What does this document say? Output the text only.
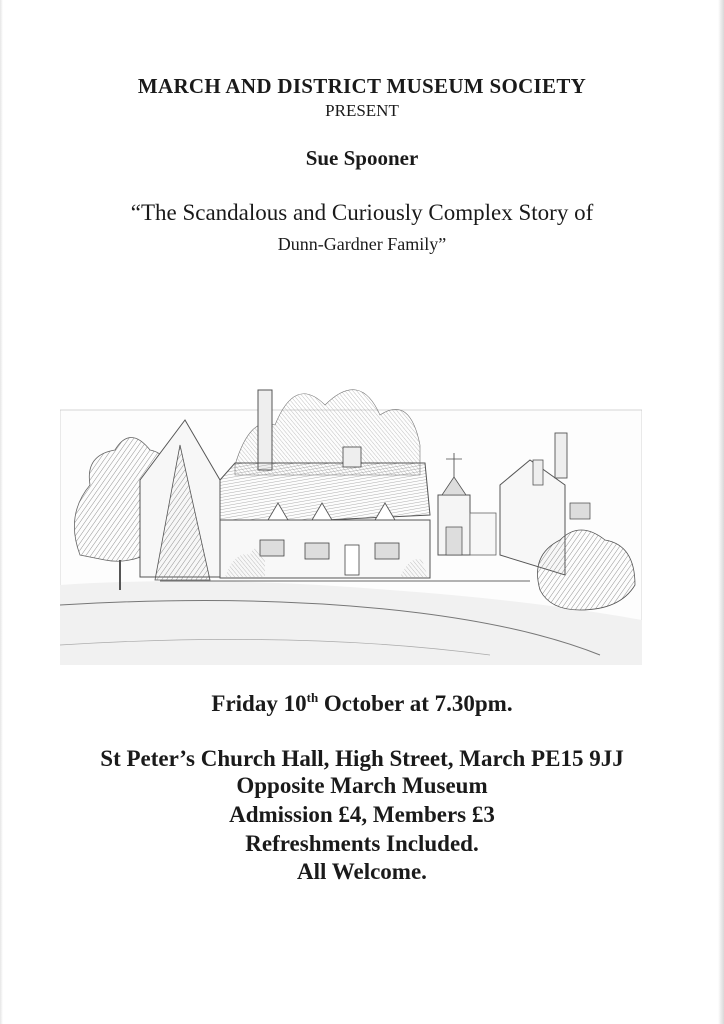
MARCH AND DISTRICT MUSEUM SOCIETY
PRESENT
Sue Spooner
“The Scandalous and Curiously Complex Story of
Dunn-Gardner Family”
Friday 10th October at 7.30pm.
St Peter’s Church Hall, High Street, March PE15 9JJ
Opposite March Museum
Admission £4, Members £3
Refreshments Included.
All Welcome.
